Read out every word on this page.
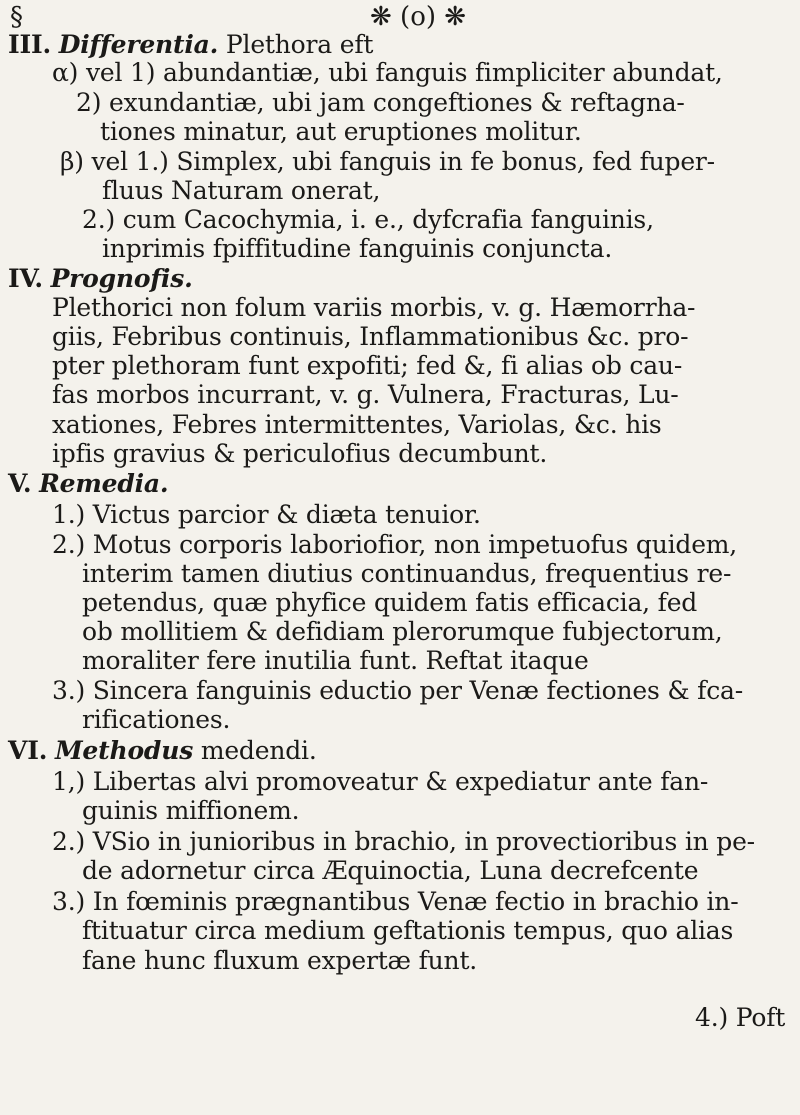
§	❋ (o) ❋
III. Differentia. Plethora eft
α) vel 1) abundantiæ, ubi fanguis fimpliciter abundat,
2) exundantiæ, ubi jam congeftiones & reftagna-
tiones minatur, aut eruptiones molitur.
β) vel 1.) Simplex, ubi fanguis in fe bonus, fed fuper-
fluus Naturam onerat,
2.) cum Cacochymia, i. e., dyfcrafia fanguinis,
inprimis fpiffitudine fanguinis conjuncta.
IV. Prognofis.
Plethorici non folum variis morbis, v. g. Hæmorrha-
giis, Febribus continuis, Inflammationibus &c. pro-
pter plethoram funt expofiti; fed &, fi alias ob cau-
fas morbos incurrant, v. g. Vulnera, Fracturas, Lu-
xationes, Febres intermittentes, Variolas, &c. his
ipfis gravius & periculofius decumbunt.
V. Remedia.
1.) Victus parcior & diæta tenuior.
2.) Motus corporis laboriofior, non impetuofus quidem,
interim tamen diutius continuandus, frequentius re-
petendus, quæ phyfice quidem fatis efficacia, fed
ob mollitiem & defidiam plerorumque fubjectorum,
moraliter fere inutilia funt. Reftat itaque
3.) Sincera fanguinis eductio per Venæ fectiones & fca-
rificationes.
VI. Methodus medendi.
1,) Libertas alvi promoveatur & expediatur ante fan-
guinis miffionem.
2.) VSio in junioribus in brachio, in provectioribus in pe-
de adornetur circa Æquinoctia, Luna decrefcente
3.) In fœminis prægnantibus Venæ fectio in brachio in-
ftituatur circa medium geftationis tempus, quo alias
fane hunc fluxum expertæ funt.
4.) Poft
